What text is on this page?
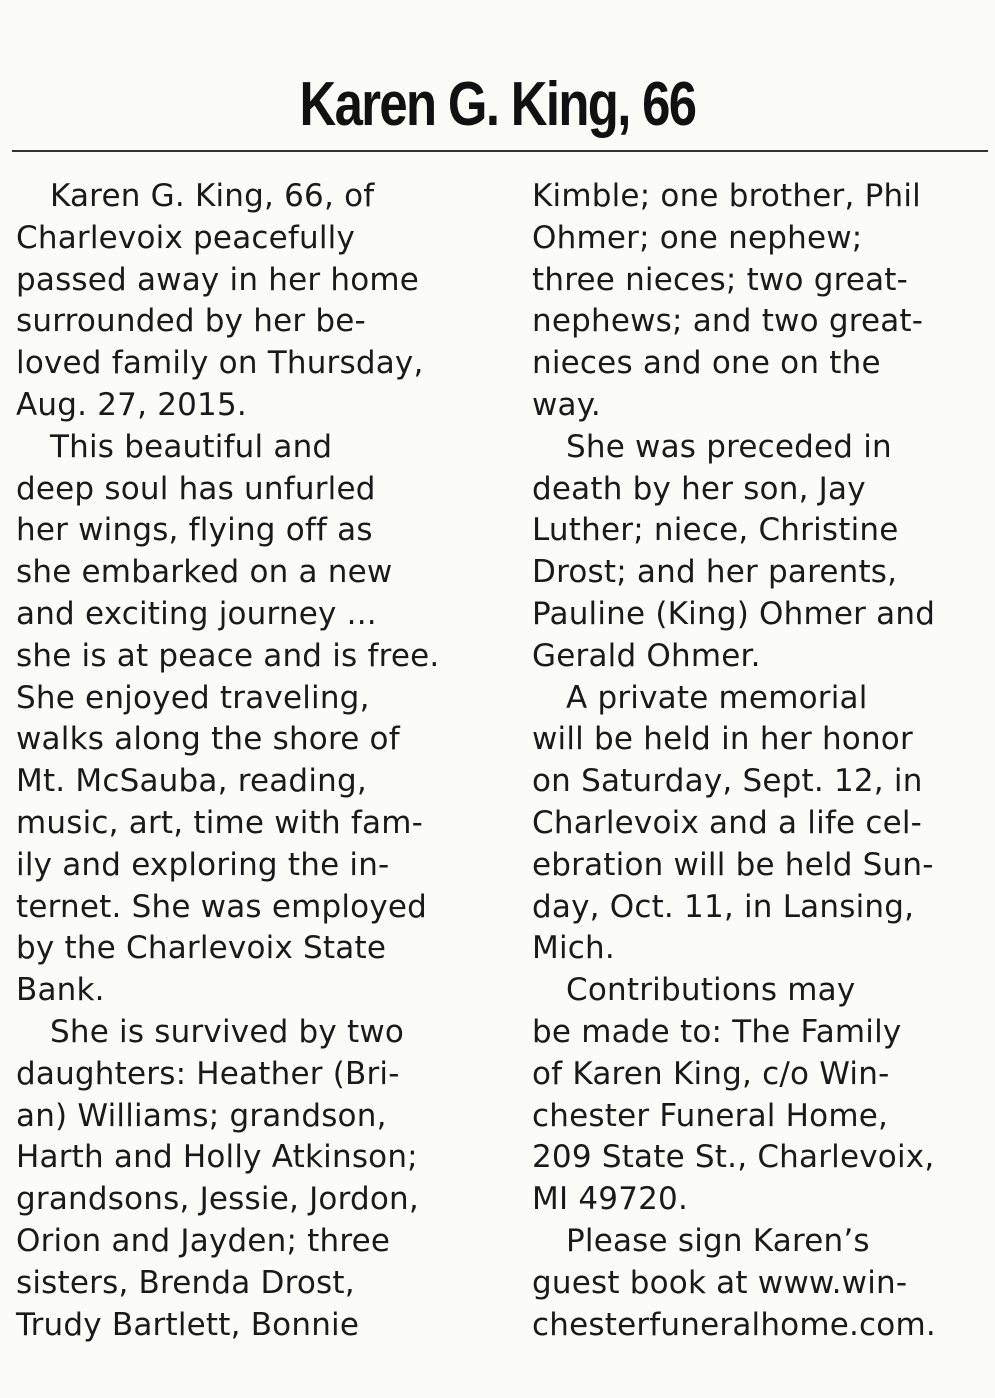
Karen G. King, 66
Karen G. King, 66, of
Charlevoix peacefully
passed away in her home
surrounded by her be-
loved family on Thursday,
Aug. 27, 2015.
This beautiful and
deep soul has unfurled
her wings, flying off as
she embarked on a new
and exciting journey ...
she is at peace and is free.
She enjoyed traveling,
walks along the shore of
Mt. McSauba, reading,
music, art, time with fam-
ily and exploring the in-
ternet. She was employed
by the Charlevoix State
Bank.
She is survived by two
daughters: Heather (Bri-
an) Williams; grandson,
Harth and Holly Atkinson;
grandsons, Jessie, Jordon,
Orion and Jayden; three
sisters, Brenda Drost,
Trudy Bartlett, Bonnie
Kimble; one brother, Phil
Ohmer; one nephew;
three nieces; two great-
nephews; and two great-
nieces and one on the
way.
She was preceded in
death by her son, Jay
Luther; niece, Christine
Drost; and her parents,
Pauline (King) Ohmer and
Gerald Ohmer.
A private memorial
will be held in her honor
on Saturday, Sept. 12, in
Charlevoix and a life cel-
ebration will be held Sun-
day, Oct. 11, in Lansing,
Mich.
Contributions may
be made to: The Family
of Karen King, c/o Win-
chester Funeral Home,
209 State St., Charlevoix,
MI 49720.
Please sign Karen’s
guest book at www.win-
chesterfuneralhome.com.
